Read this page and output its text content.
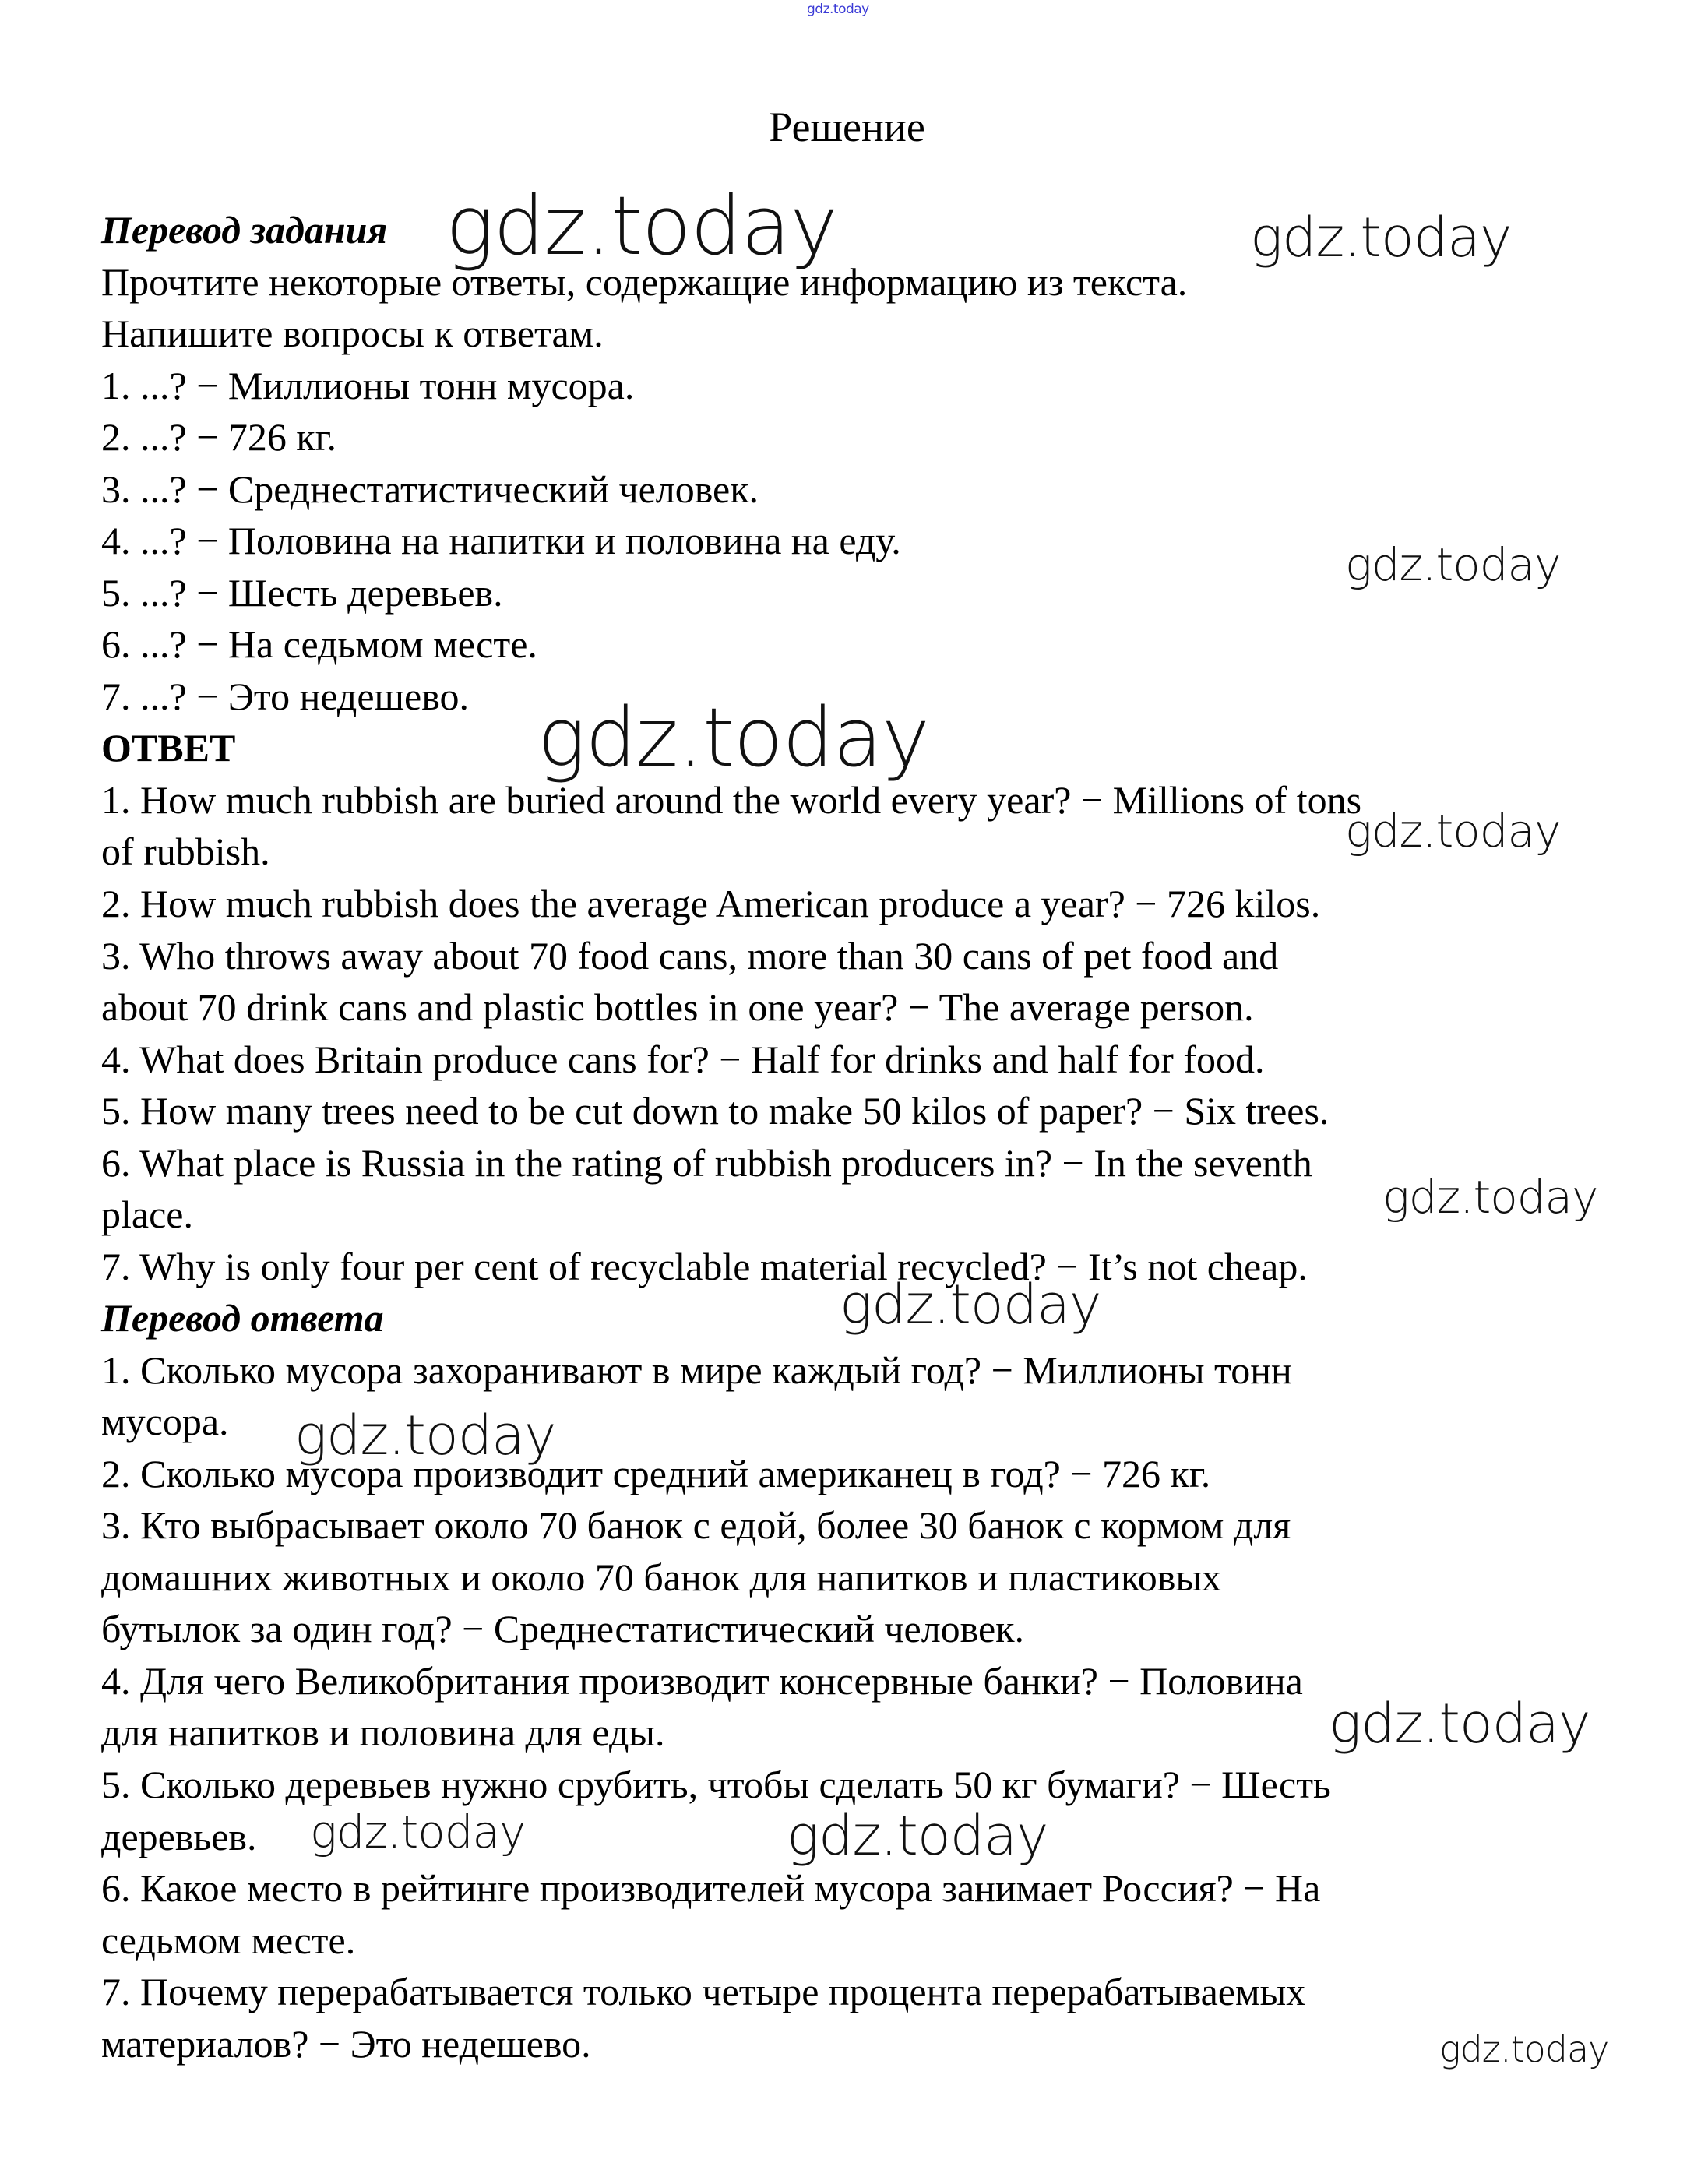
gdz.today
Решение
Перевод задания
Прочтите некоторые ответы, содержащие информацию из текста.
Напишите вопросы к ответам.
1. ...? − Миллионы тонн мусора.
2. ...? − 726 кг.
3. ...? − Среднестатистический человек.
4. ...? − Половина на напитки и половина на еду.
5. ...? − Шесть деревьев.
6. ...? − На седьмом месте.
7. ...? − Это недешево.
ОТВЕТ
1. How much rubbish are buried around the world every year? − Millions of tons
of rubbish.
2. How much rubbish does the average American produce a year? − 726 kilos.
3. Who throws away about 70 food cans, more than 30 cans of pet food and
about 70 drink cans and plastic bottles in one year? − The average person.
4. What does Britain produce cans for? − Half for drinks and half for food.
5. How many trees need to be cut down to make 50 kilos of paper? − Six trees.
6. What place is Russia in the rating of rubbish producers in? − In the seventh
place.
7. Why is only four per cent of recyclable material recycled? − It’s not cheap.
Перевод ответа
1. Сколько мусора захоранивают в мире каждый год? − Миллионы тонн
мусора.
2. Сколько мусора производит средний американец в год? − 726 кг.
3. Кто выбрасывает около 70 банок с едой, более 30 банок с кормом для
домашних животных и около 70 банок для напитков и пластиковых
бутылок за один год? − Среднестатистический человек.
4. Для чего Великобритания производит консервные банки? − Половина
для напитков и половина для еды.
5. Сколько деревьев нужно срубить, чтобы сделать 50 кг бумаги? − Шесть
деревьев.
6. Какое место в рейтинге производителей мусора занимает Россия? − На
седьмом месте.
7. Почему перерабатывается только четыре процента перерабатываемых
материалов? − Это недешево.
gdz.today	gdz.today
gdz.today
gdz.today
gdz.today
gdz.today
gdz.today
gdz.today
gdz.today
gdz.today	gdz.today
gdz.today
